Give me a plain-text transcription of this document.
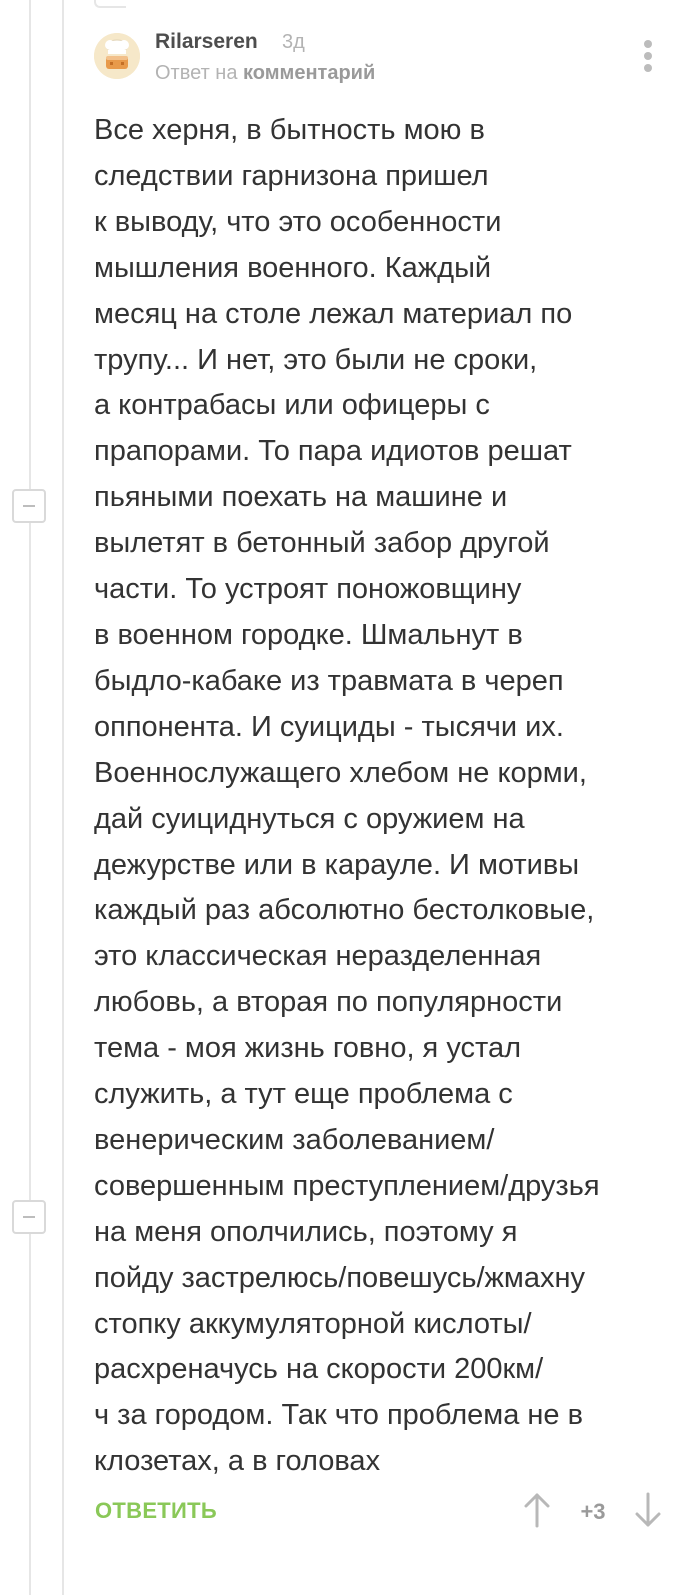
Rilarseren 3д
Ответ на комментарий
Все херня, в бытность мою в
следствии гарнизона пришел
к выводу, что это особенности
мышления военного. Каждый
месяц на столе лежал материал по
трупу... И нет, это были не сроки,
а контрабасы или офицеры с
прапорами. То пара идиотов решат
пьяными поехать на машине и
вылетят в бетонный забор другой
части. То устроят поножовщину
в военном городке. Шмальнут в
быдло-кабаке из травмата в череп
оппонента. И суициды - тысячи их.
Военнослужащего хлебом не корми,
дай суициднуться с оружием на
дежурстве или в карауле. И мотивы
каждый раз абсолютно бестолковые,
это классическая неразделенная
любовь, а вторая по популярности
тема - моя жизнь говно, я устал
служить, а тут еще проблема с
венерическим заболеванием/
совершенным преступлением/друзья
на меня ополчились, поэтому я
пойду застрелюсь/повешусь/жмахну
стопку аккумуляторной кислоты/
расхреначусь на скорости 200км/
ч за городом. Так что проблема не в
клозетах, а в головах
ОТВЕТИТЬ	+3
